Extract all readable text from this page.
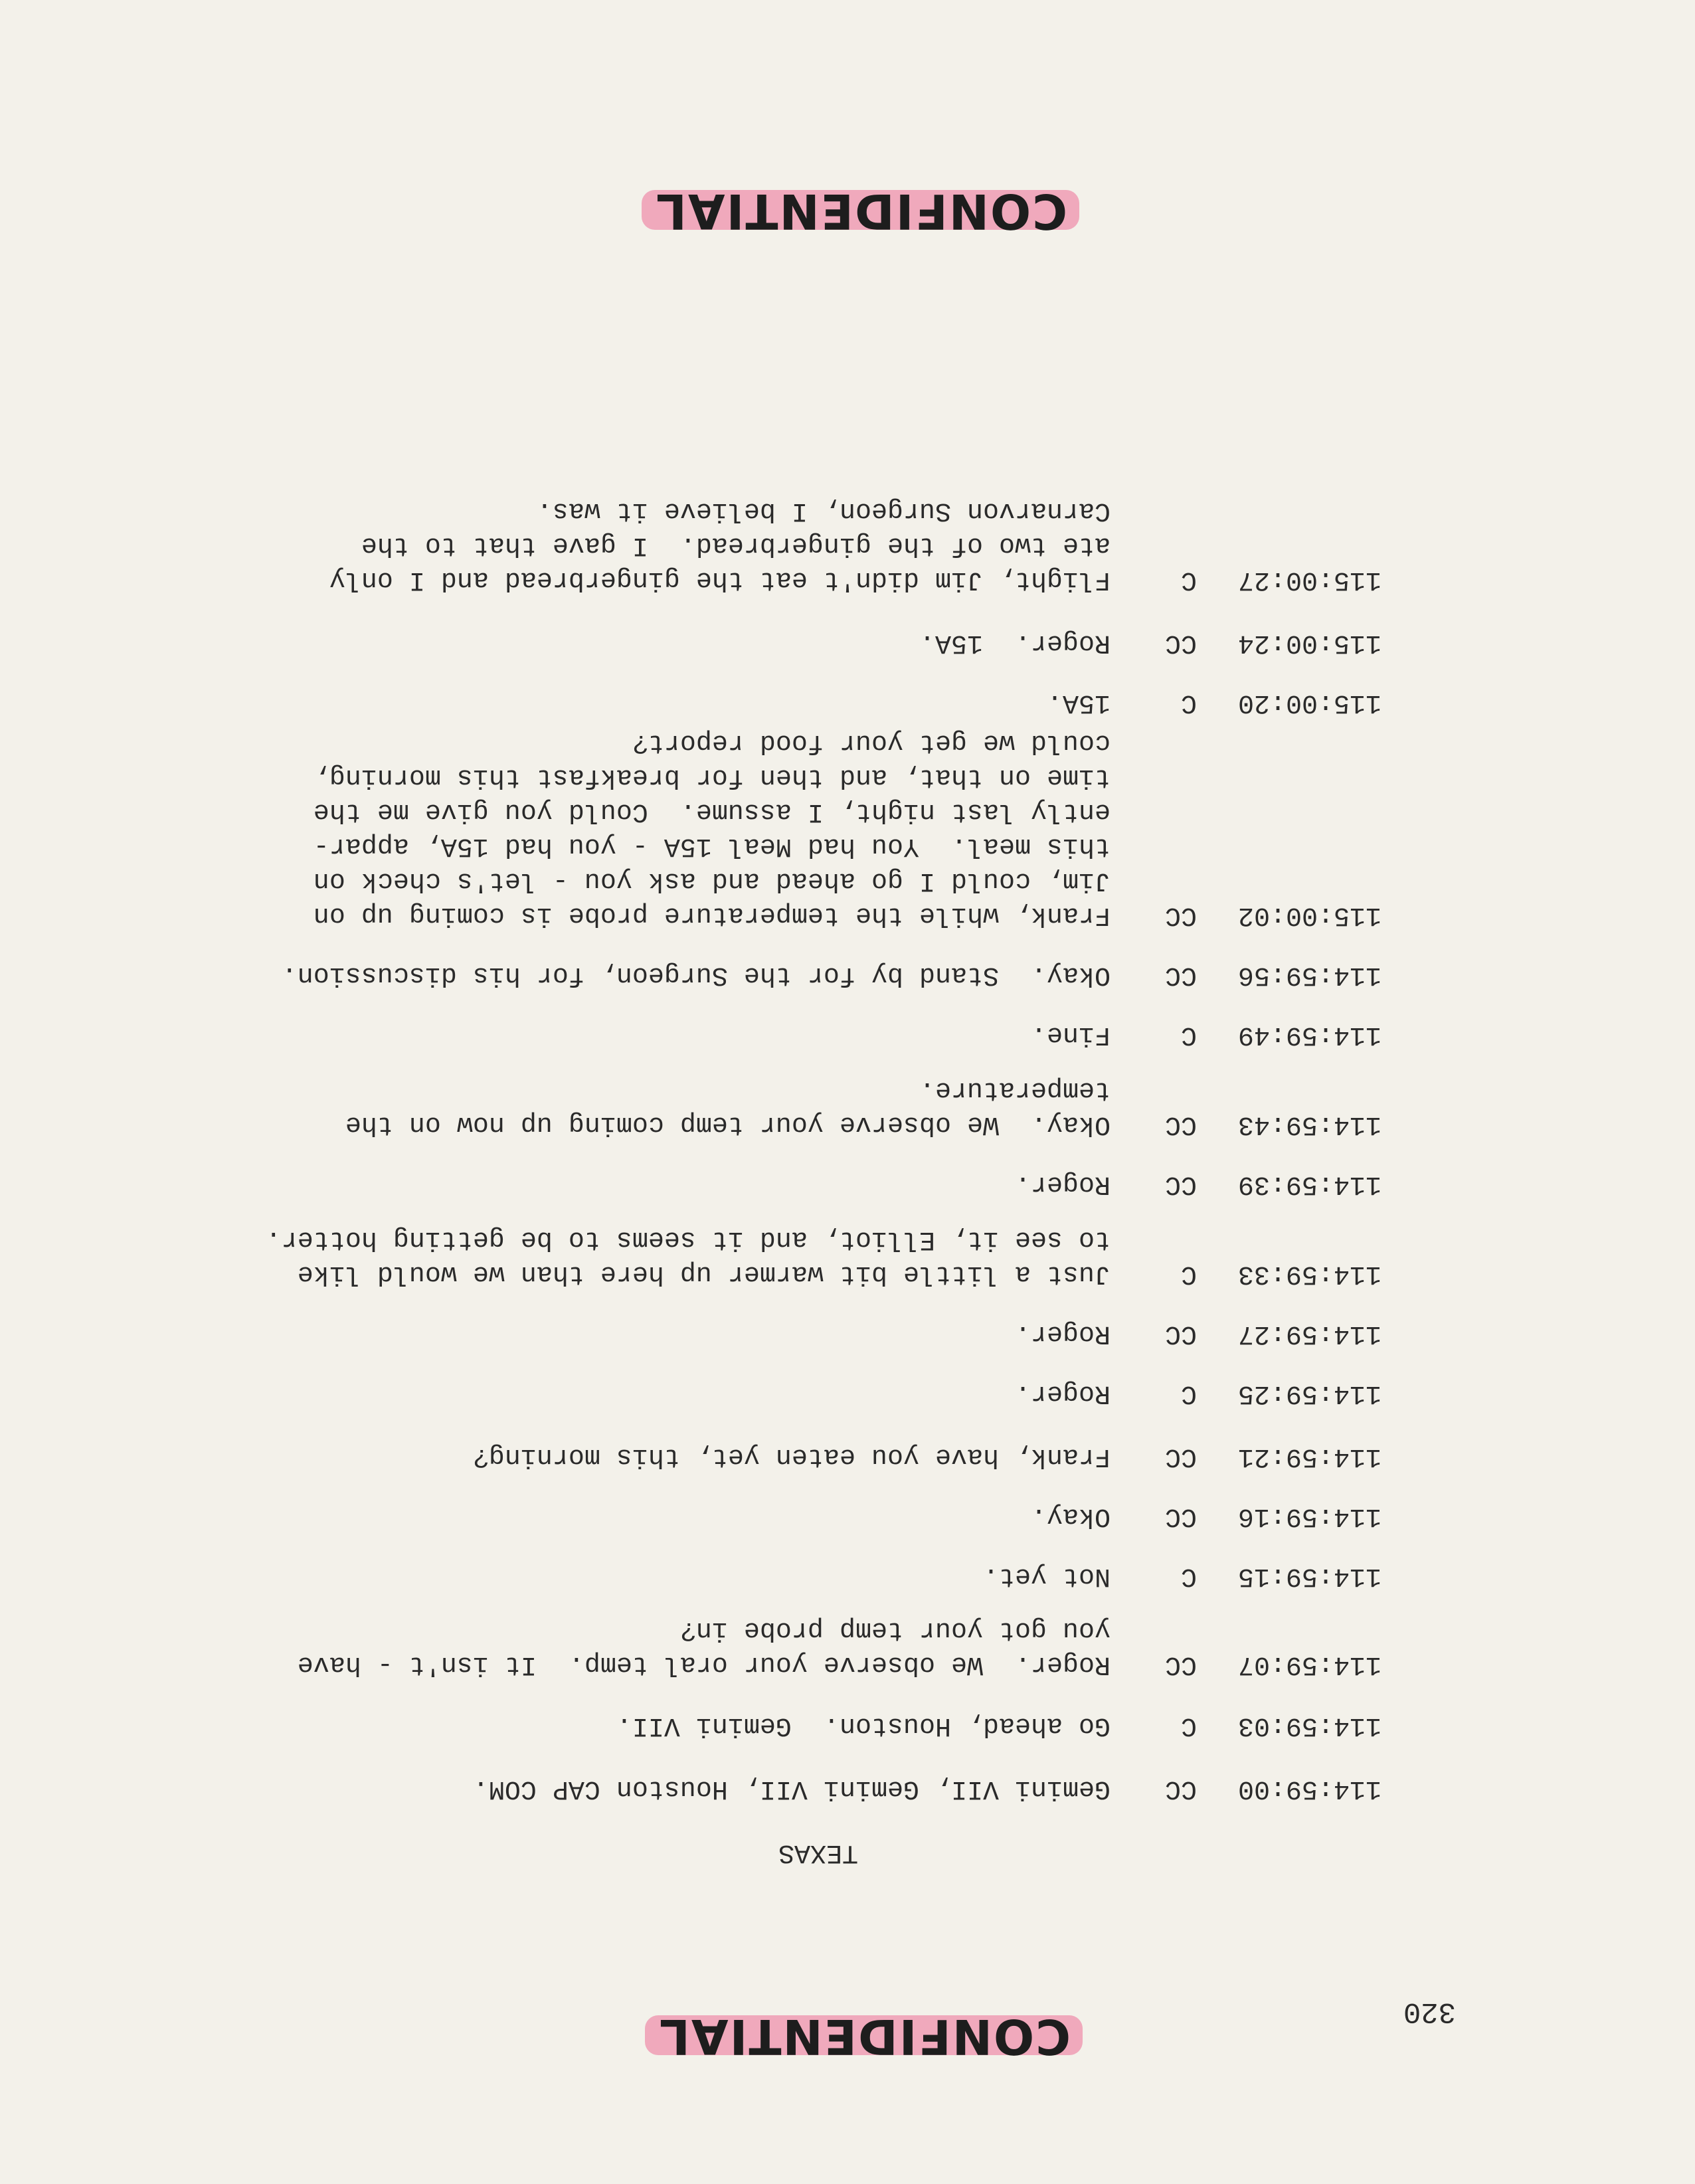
CONFIDENTIAL
320
CONFIDENTIAL
TEXAS
114:59:00
CC
Gemini VII, Gemini VII, Houston CAP COM.
114:59:03
C
Go ahead, Houston.  Gemini VII.
114:59:07
CC
Roger.  We observe your oral temp.  It isn't - have
you got your temp probe in?
114:59:15
C
Not yet.
114:59:16
CC
Okay.
114:59:21
CC
Frank, have you eaten yet, this morning?
114:59:25
C
Roger.
114:59:27
CC
Roger.
114:59:33
C
Just a little bit warmer up here than we would like
to see it, Elliot, and it seems to be getting hotter.
114:59:39
CC
Roger.
114:59:43
CC
Okay.  We observe your temp coming up now on the
temperature.
114:59:49
C
Fine.
114:59:56
CC
Okay.  Stand by for the Surgeon, for his discussion.
115:00:02
CC
Frank, while the temperature probe is coming up on
Jim, could I go ahead and ask you - let's check on
this meal.  You had Meal 15A - you had 15A, appar-
ently last night, I assume.  Could you give me the
time on that, and then for breakfast this morning,
could we get your food report?
115:00:20
C
15A.
115:00:24
CC
Roger.  15A.
115:00:27
C
Flight, Jim didn't eat the gingerbread and I only
ate two of the gingerbread.  I gave that to the
Carnarvon Surgeon, I believe it was.
